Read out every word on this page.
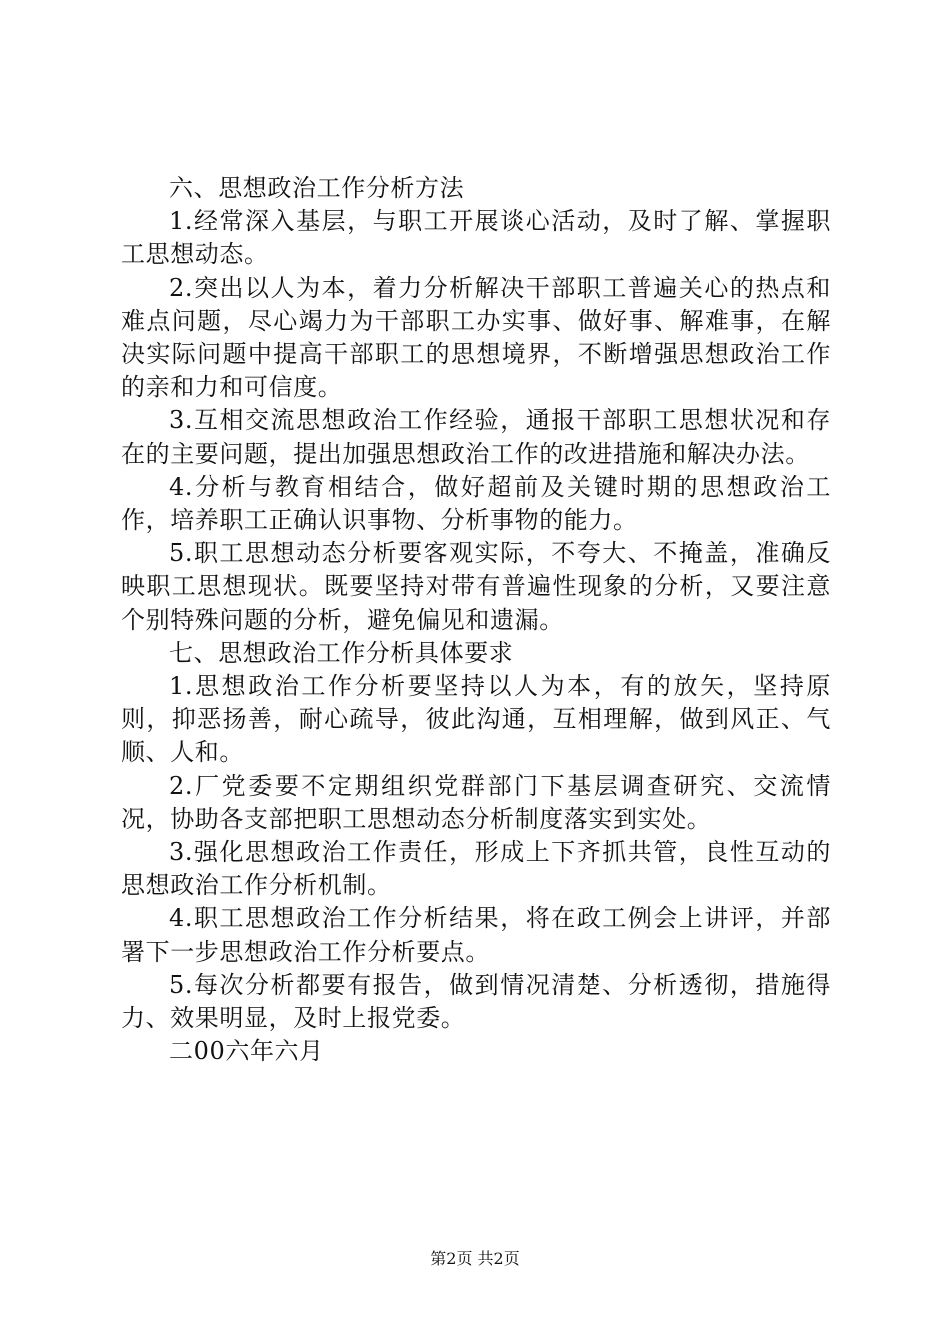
六、思想政治工作分析方法

1.经常深入基层，与职工开展谈心活动，及时了解、掌握职工思想动态。

2.突出以人为本，着力分析解决干部职工普遍关心的热点和难点问题，尽心竭力为干部职工办实事、做好事、解难事，在解决实际问题中提高干部职工的思想境界，不断增强思想政治工作的亲和力和可信度。

3.互相交流思想政治工作经验，通报干部职工思想状况和存在的主要问题，提出加强思想政治工作的改进措施和解决办法。

4.分析与教育相结合，做好超前及关键时期的思想政治工作，培养职工正确认识事物、分析事物的能力。

5.职工思想动态分析要客观实际，不夸大、不掩盖，准确反映职工思想现状。既要坚持对带有普遍性现象的分析，又要注意个别特殊问题的分析，避免偏见和遗漏。

七、思想政治工作分析具体要求

1.思想政治工作分析要坚持以人为本，有的放矢，坚持原则，抑恶扬善，耐心疏导，彼此沟通，互相理解，做到风正、气顺、人和。

2.厂党委要不定期组织党群部门下基层调查研究、交流情况，协助各支部把职工思想动态分析制度落实到实处。

3.强化思想政治工作责任，形成上下齐抓共管，良性互动的思想政治工作分析机制。

4.职工思想政治工作分析结果，将在政工例会上讲评，并部署下一步思想政治工作分析要点。

5.每次分析都要有报告，做到情况清楚、分析透彻，措施得力、效果明显，及时上报党委。

二00六年六月

第2页 共2页
